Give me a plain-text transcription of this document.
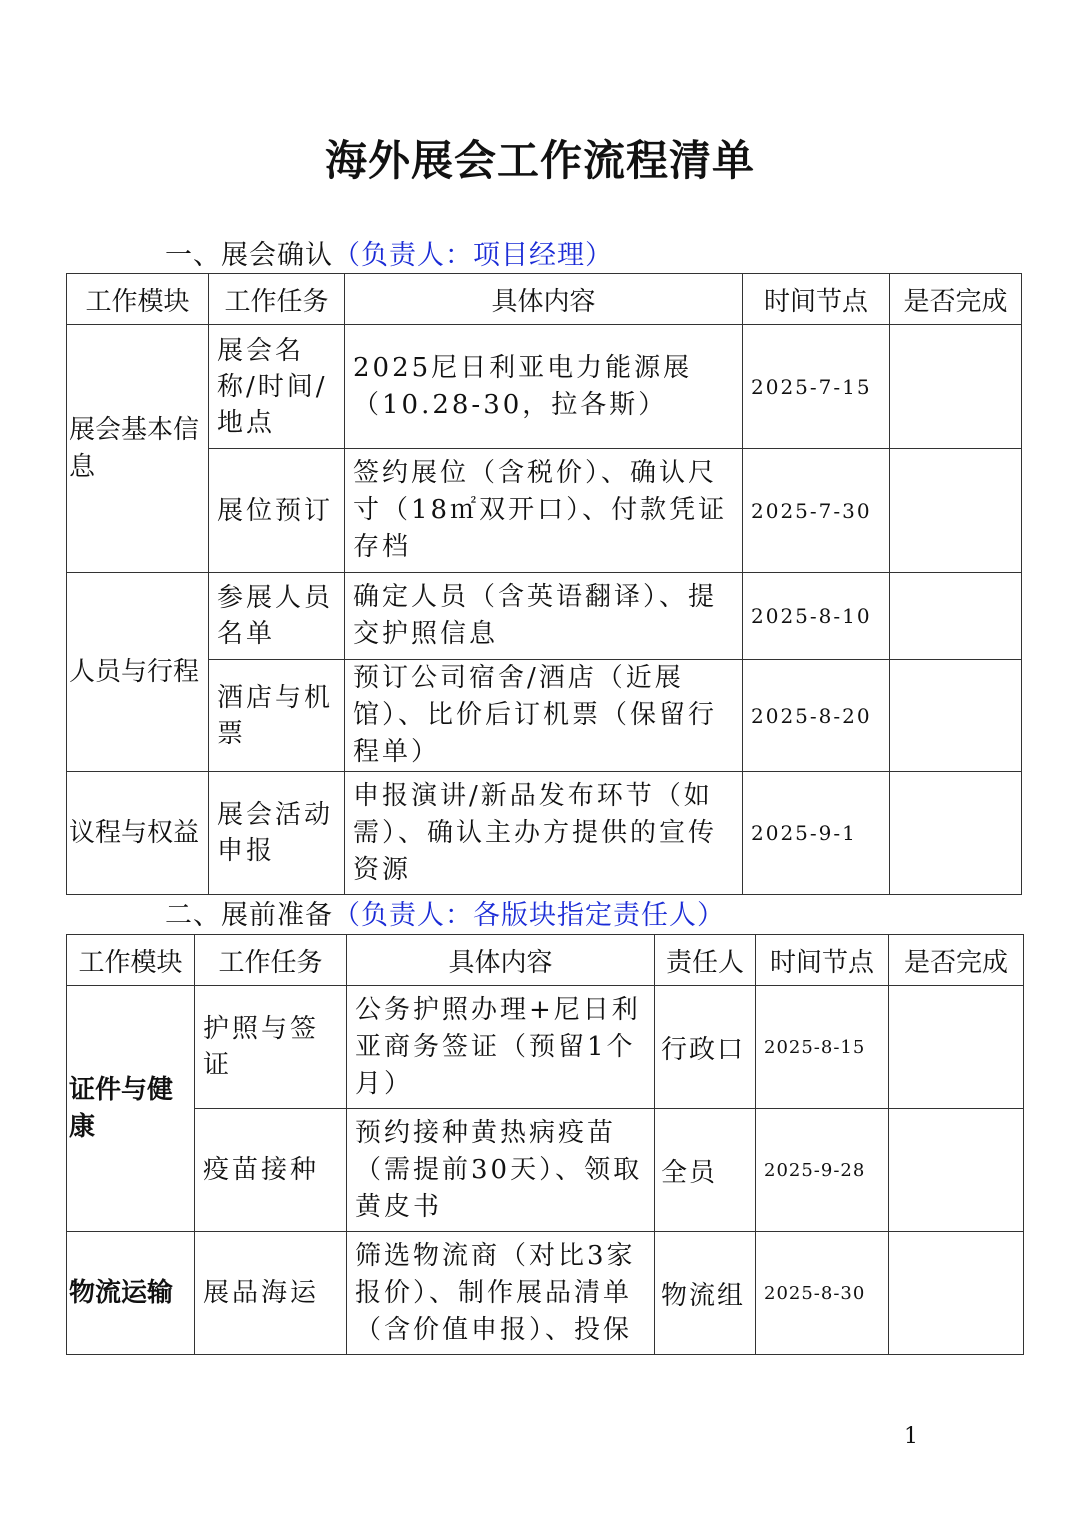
海外展会工作流程清单
一、展会确认（负责人：项目经理）
工作模块	工作任务	具体内容	时间节点	是否完成
展会基本信息	展会名称/时间/地点	2025尼日利亚电力能源展（10.28-30，拉各斯）	2025-7-15	
	展位预订	签约展位（含税价）、确认尺寸（18㎡双开口）、付款凭证存档	2025-7-30	
人员与行程	参展人员名单	确定人员（含英语翻译）、提交护照信息	2025-8-10	
	酒店与机票	预订公司宿舍/酒店（近展馆）、比价后订机票（保留行程单）	2025-8-20	
议程与权益	展会活动申报	申报演讲/新品发布环节（如需）、确认主办方提供的宣传资源	2025-9-1	
二、展前准备（负责人：各版块指定责任人）
工作模块	工作任务	具体内容	责任人	时间节点	是否完成
证件与健康	护照与签证	公务护照办理+尼日利亚商务签证（预留1个月）	行政口	2025-8-15	
	疫苗接种	预约接种黄热病疫苗（需提前30天）、领取黄皮书	全员	2025-9-28	
物流运输	展品海运	筛选物流商（对比3家报价）、制作展品清单（含价值申报）、投保	物流组	2025-8-30	
1
